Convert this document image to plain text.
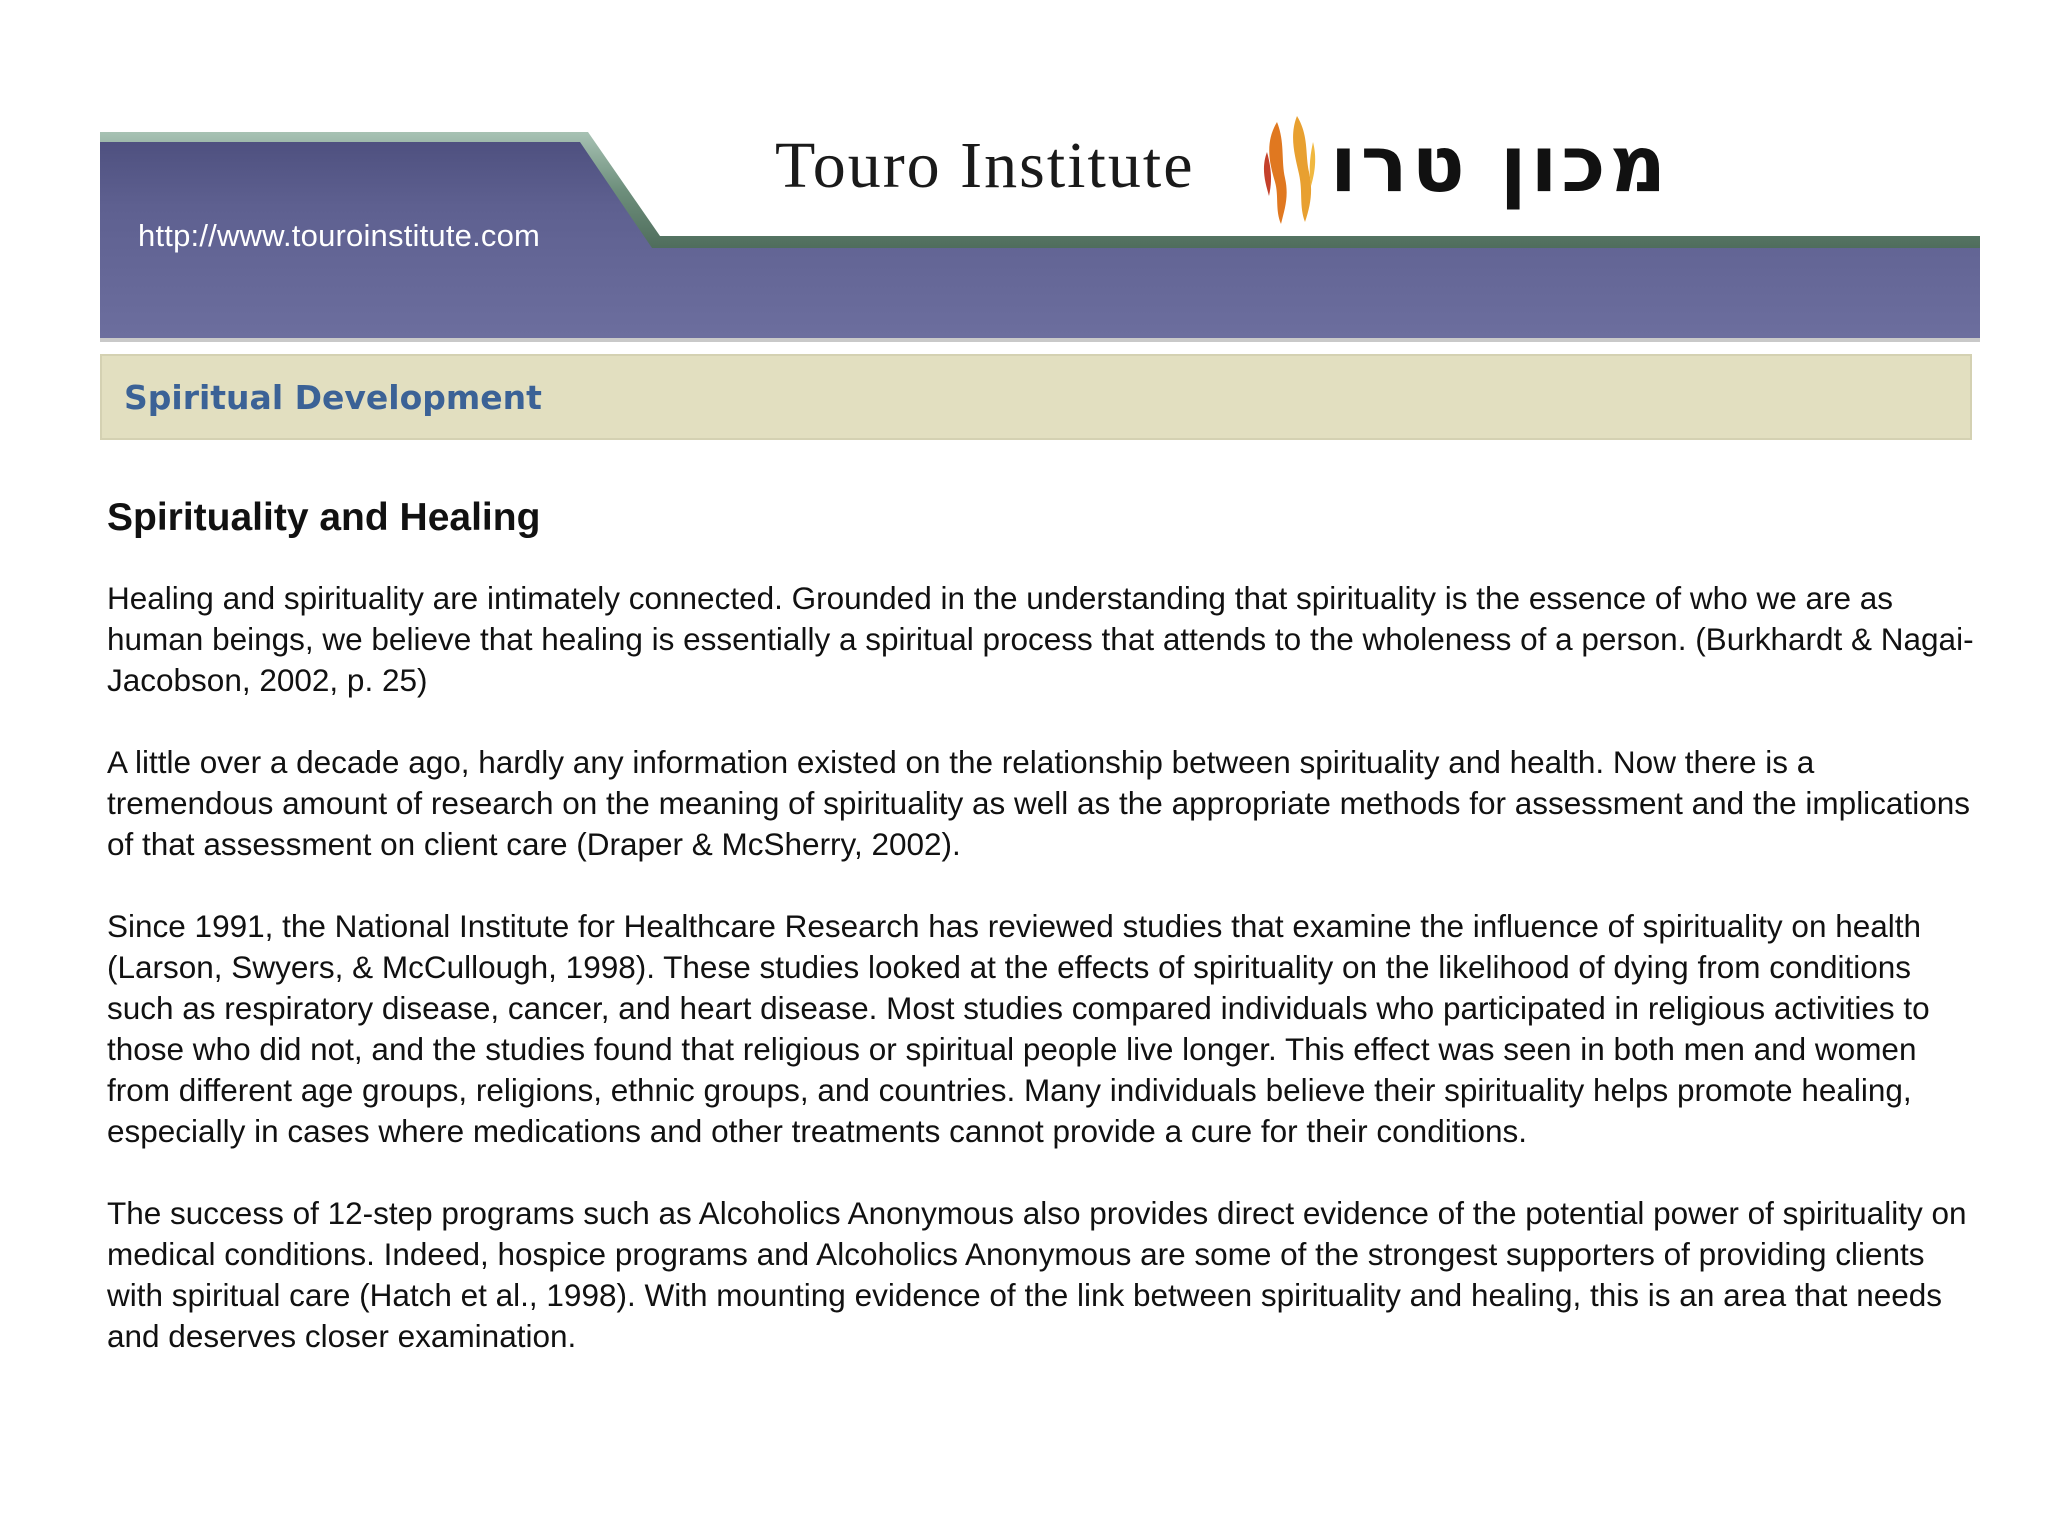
http://www.touroinstitute.com
Touro Institute מכון טרו
Spiritual Development
Spirituality and Healing

Healing and spirituality are intimately connected. Grounded in the understanding that spirituality is the essence of who we are as human beings, we believe that healing is essentially a spiritual process that attends to the wholeness of a person. (Burkhardt & Nagai-Jacobson, 2002, p. 25)

A little over a decade ago, hardly any information existed on the relationship between spirituality and health. Now there is a tremendous amount of research on the meaning of spirituality as well as the appropriate methods for assessment and the implications of that assessment on client care (Draper & McSherry, 2002).

Since 1991, the National Institute for Healthcare Research has reviewed studies that examine the influence of spirituality on health (Larson, Swyers, & McCullough, 1998). These studies looked at the effects of spirituality on the likelihood of dying from conditions such as respiratory disease, cancer, and heart disease. Most studies compared individuals who participated in religious activities to those who did not, and the studies found that religious or spiritual people live longer. This effect was seen in both men and women from different age groups, religions, ethnic groups, and countries. Many individuals believe their spirituality helps promote healing, especially in cases where medications and other treatments cannot provide a cure for their conditions.

The success of 12-step programs such as Alcoholics Anonymous also provides direct evidence of the potential power of spirituality on medical conditions. Indeed, hospice programs and Alcoholics Anonymous are some of the strongest supporters of providing clients with spiritual care (Hatch et al., 1998). With mounting evidence of the link between spirituality and healing, this is an area that needs and deserves closer examination.
